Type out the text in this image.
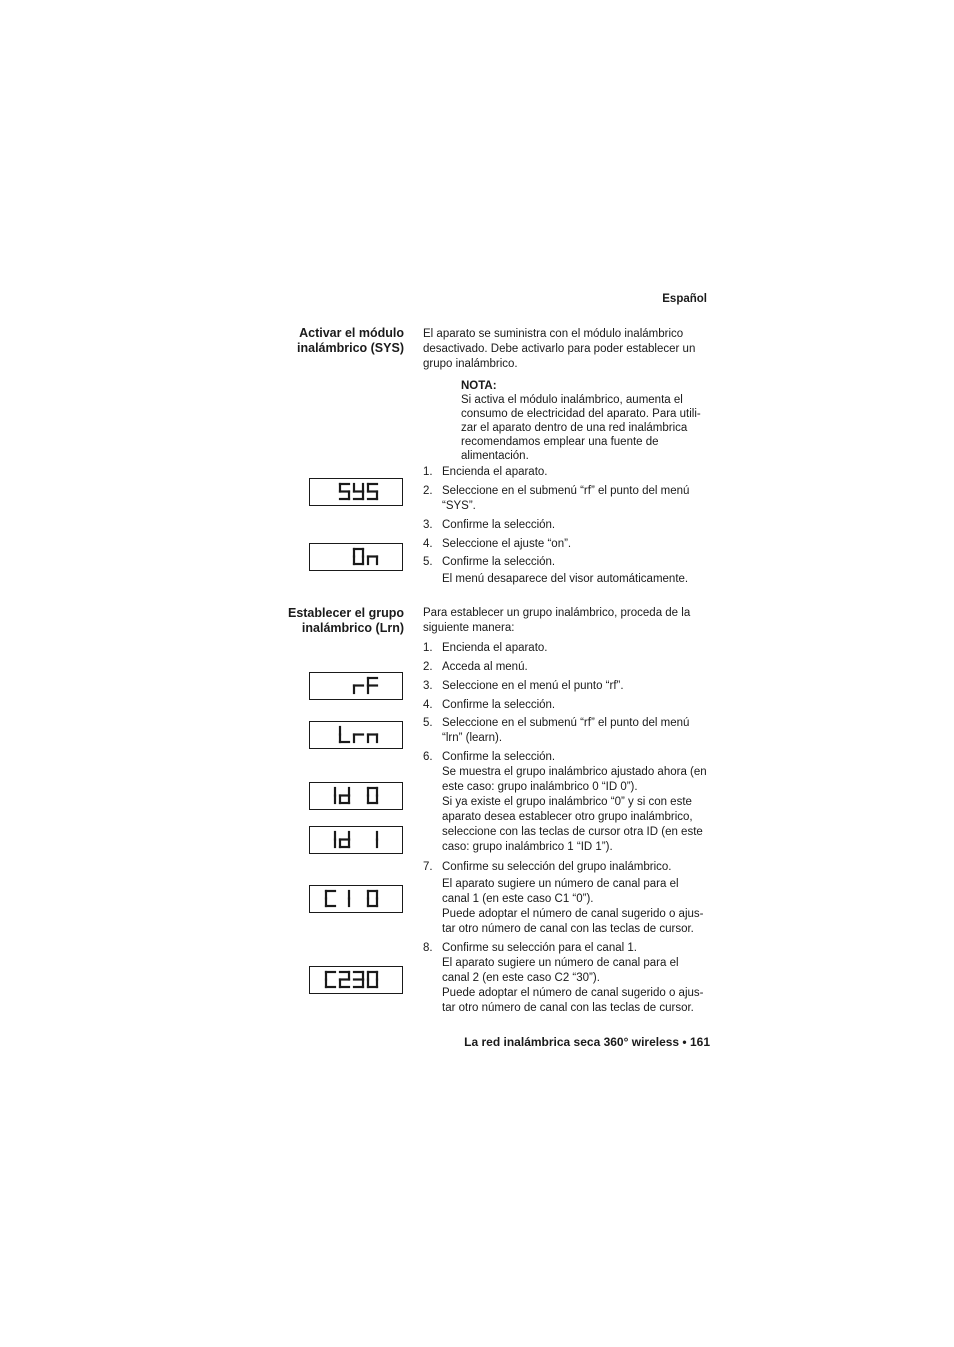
Español
Activar el módulo
inalámbrico (SYS)
El aparato se suministra con el módulo inalámbrico
desactivado. Debe activarlo para poder establecer un
grupo inalámbrico.
NOTA:
Si activa el módulo inalámbrico, aumenta el
consumo de electricidad del aparato. Para utili-
zar el aparato dentro de una red inalámbrica
recomendamos emplear una fuente de
alimentación.
1. Encienda el aparato.
2. Seleccione en el submenú “rf” el punto del menú
“SYS”.
3. Confirme la selección.
4. Seleccione el ajuste “on”.
5. Confirme la selección.
El menú desaparece del visor automáticamente.
Establecer el grupo
inalámbrico (Lrn)
Para establecer un grupo inalámbrico, proceda de la
siguiente manera:
1. Encienda el aparato.
2. Acceda al menú.
3. Seleccione en el menú el punto “rf”.
4. Confirme la selección.
5. Seleccione en el submenú “rf” el punto del menú
“lrn” (learn).
6. Confirme la selección.
Se muestra el grupo inalámbrico ajustado ahora (en
este caso: grupo inalámbrico 0 “ID 0”).
Si ya existe el grupo inalámbrico “0” y si con este
aparato desea establecer otro grupo inalámbrico,
seleccione con las teclas de cursor otra ID (en este
caso: grupo inalámbrico 1 “ID 1”).
7. Confirme su selección del grupo inalámbrico.
El aparato sugiere un número de canal para el
canal 1 (en este caso C1 “0”).
Puede adoptar el número de canal sugerido o ajus-
tar otro número de canal con las teclas de cursor.
8. Confirme su selección para el canal 1.
El aparato sugiere un número de canal para el
canal 2 (en este caso C2 “30”).
Puede adoptar el número de canal sugerido o ajus-
tar otro número de canal con las teclas de cursor.
La red inalámbrica seca 360° wireless • 161
